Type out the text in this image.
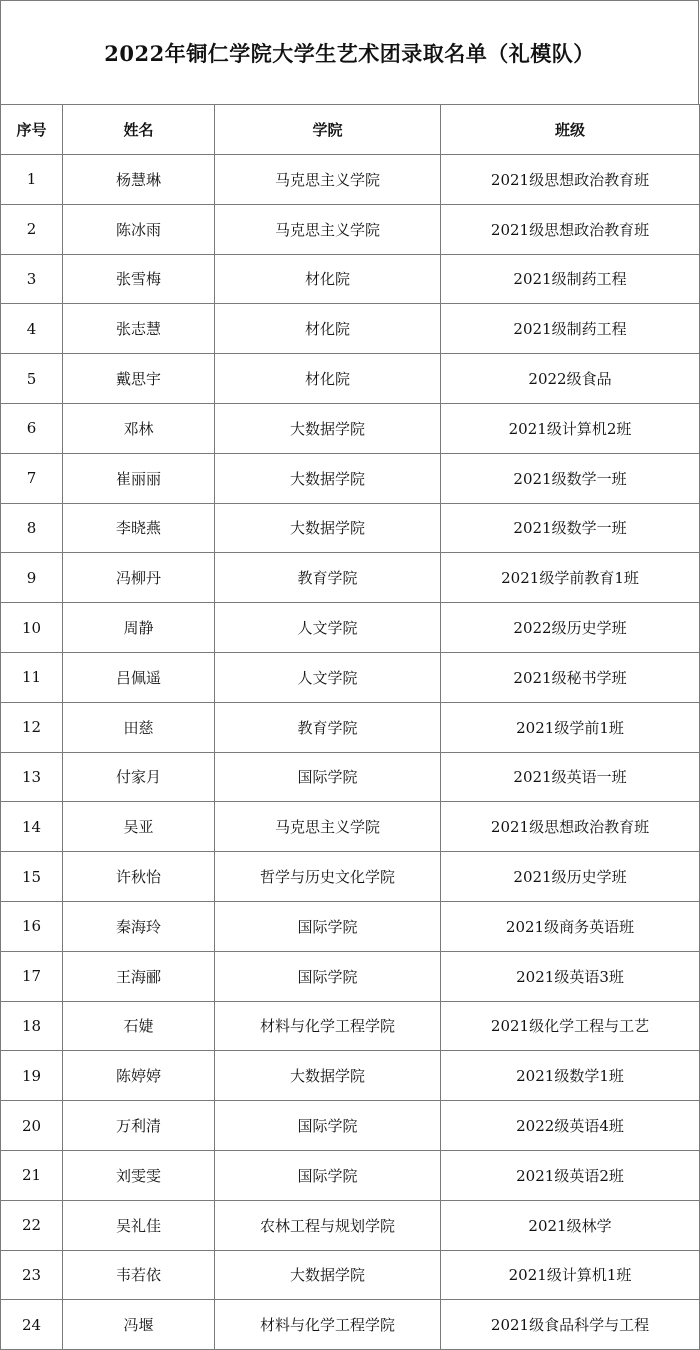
2022年铜仁学院大学生艺术团录取名单（礼模队）
序号	姓名	学院	班级
1	杨慧琳	马克思主义学院	2021级思想政治教育班
2	陈冰雨	马克思主义学院	2021级思想政治教育班
3	张雪梅	材化院	2021级制药工程
4	张志慧	材化院	2021级制药工程
5	戴思宇	材化院	2022级食品
6	邓林	大数据学院	2021级计算机2班
7	崔丽丽	大数据学院	2021级数学一班
8	李晓燕	大数据学院	2021级数学一班
9	冯柳丹	教育学院	2021级学前教育1班
10	周静	人文学院	2022级历史学班
11	吕佩遥	人文学院	2021级秘书学班
12	田慈	教育学院	2021级学前1班
13	付家月	国际学院	2021级英语一班
14	吴亚	马克思主义学院	2021级思想政治教育班
15	许秋怡	哲学与历史文化学院	2021级历史学班
16	秦海玲	国际学院	2021级商务英语班
17	王海郦	国际学院	2021级英语3班
18	石婕	材料与化学工程学院	2021级化学工程与工艺
19	陈婷婷	大数据学院	2021级数学1班
20	万利清	国际学院	2022级英语4班
21	刘雯雯	国际学院	2021级英语2班
22	吴礼佳	农林工程与规划学院	2021级林学
23	韦若依	大数据学院	2021级计算机1班
24	冯堰	材料与化学工程学院	2021级食品科学与工程
